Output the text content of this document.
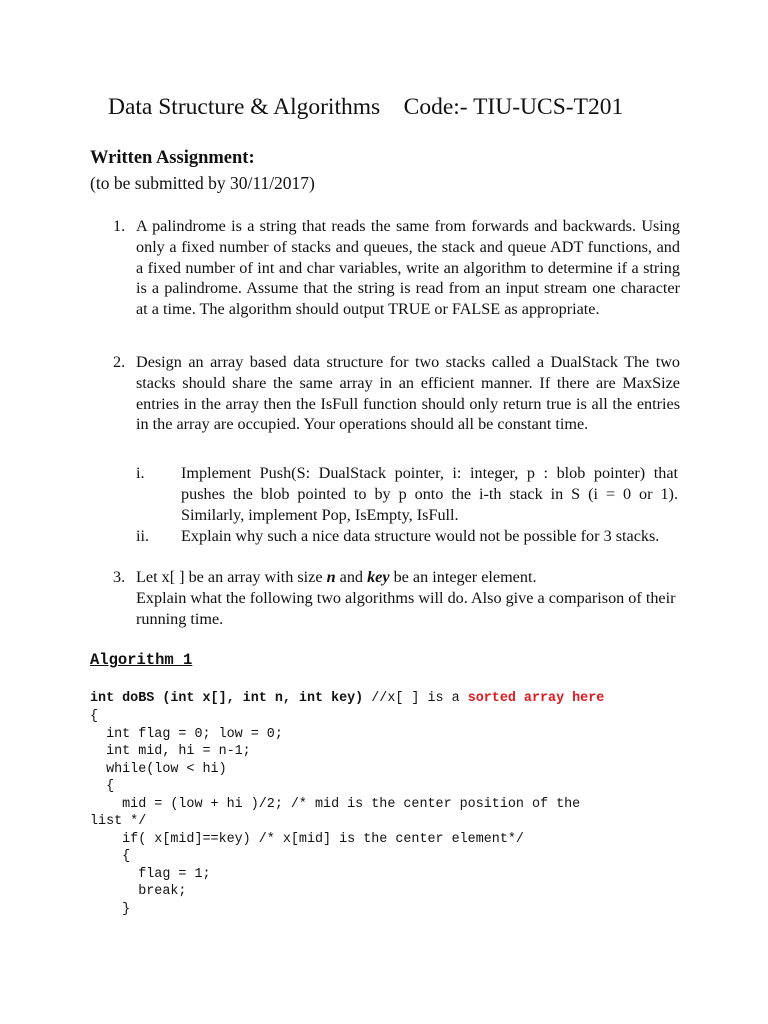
Data Structure & Algorithms    Code:- TIU-UCS-T201
Written Assignment:
(to be submitted by 30/11/2017)
1. A palindrome is a string that reads the same from forwards and backwards. Using only a fixed number of stacks and queues, the stack and queue ADT functions, and a fixed number of int and char variables, write an algorithm to determine if a string is a palindrome. Assume that the string is read from an input stream one character at a time. The algorithm should output TRUE or FALSE as appropriate.
2. Design an array based data structure for two stacks called a DualStack The two stacks should share the same array in an efficient manner. If there are MaxSize entries in the array then the IsFull function should only return true is all the entries in the array are occupied. Your operations should all be constant time.
i. Implement Push(S: DualStack pointer, i: integer, p : blob pointer) that pushes the blob pointed to by p onto the i-th stack in S (i = 0 or 1). Similarly, implement Pop, IsEmpty, IsFull.
ii. Explain why such a nice data structure would not be possible for 3 stacks.
3. Let x[ ] be an array with size n and key be an integer element.
Explain what the following two algorithms will do. Also give a comparison of their running time.
Algorithm 1
int doBS (int x[], int n, int key) //x[ ] is a sorted array here
{
int flag = 0; low = 0;
int mid, hi = n-1;
while(low < hi)
{
mid = (low + hi )/2; /* mid is the center position of the
list */
if( x[mid]==key) /* x[mid] is the center element*/
{
flag = 1;
break;
}
